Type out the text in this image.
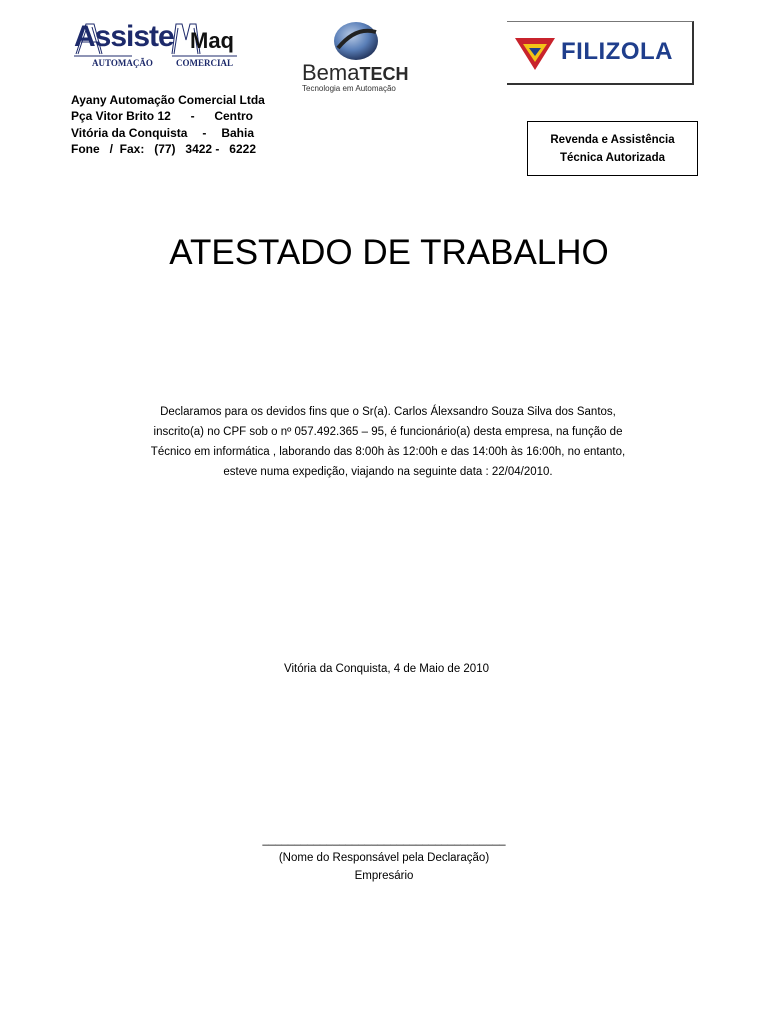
Assiste Maq
AUTOMAÇÃO	COMERCIAL	BemaTECH
Tecnologia em Automação
FILIZOLA
Ayany Automação Comercial Ltda
Pça Vitor Brito 12 - Centro
Vitória da Conquista - Bahia
Fone   /  Fax: (77) 3422 - 6222
Revenda e Assistência
Técnica Autorizada
ATESTADO DE TRABALHO
Declaramos para os devidos fins que o Sr(a). Carlos Álexsandro Souza Silva dos Santos,
inscrito(a) no CPF sob o nº 057.492.365 – 95, é funcionário(a) desta empresa, na função de
Técnico em informática , laborando das 8:00h às 12:00h e das 14:00h às 16:00h, no entanto,
esteve numa expedição, viajando na seguinte data : 22/04/2010.
Vitória da Conquista, 4 de Maio de 2010
______________________________________
(Nome do Responsável pela Declaração)
Empresário
